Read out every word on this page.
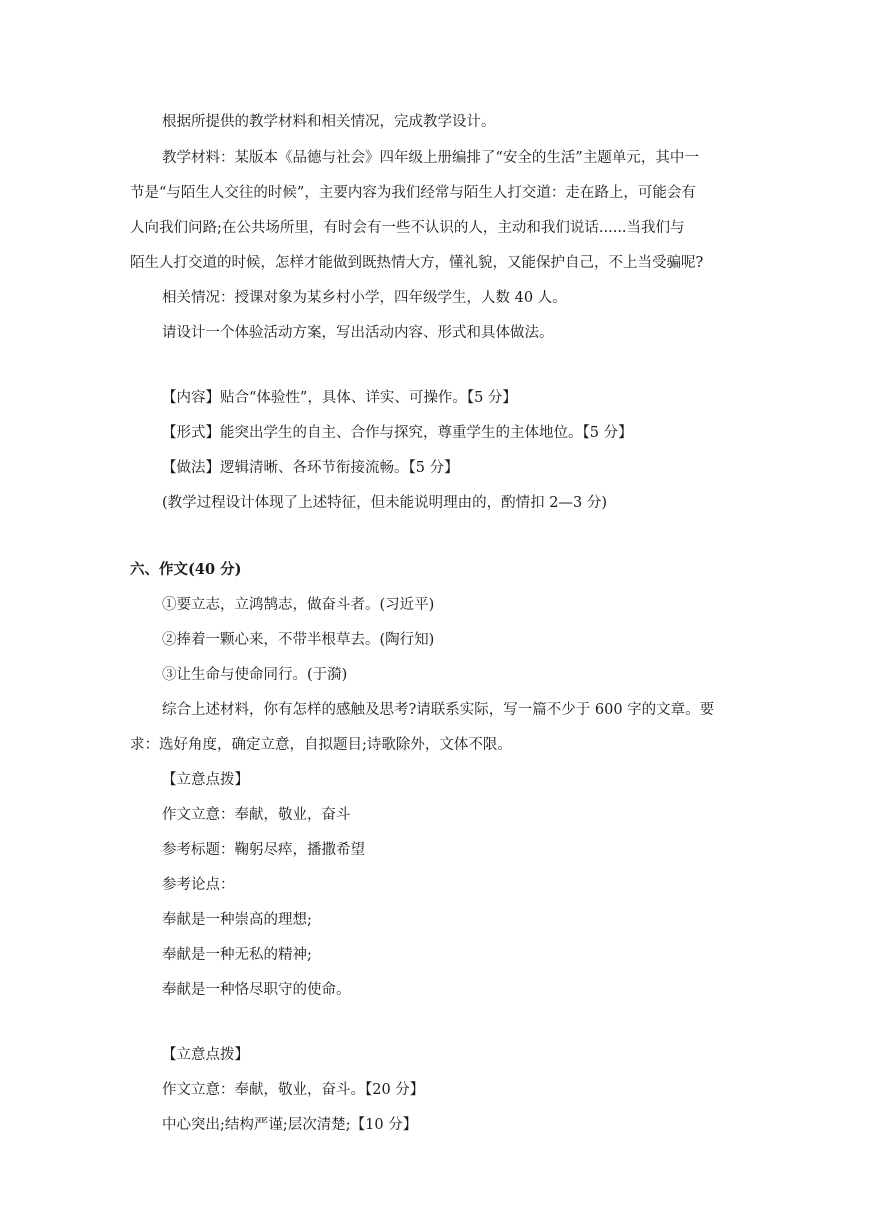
根据所提供的教学材料和相关情况，完成教学设计。
教学材料：某版本《品德与社会》四年级上册编排了“安全的生活”主题单元，其中一
节是“与陌生人交往的时候”，主要内容为我们经常与陌生人打交道：走在路上，可能会有
人向我们问路;在公共场所里，有时会有一些不认识的人，主动和我们说话......当我们与
陌生人打交道的时候，怎样才能做到既热情大方，懂礼貌，又能保护自己，不上当受骗呢?
相关情况：授课对象为某乡村小学，四年级学生，人数 40 人。
请设计一个体验活动方案，写出活动内容、形式和具体做法。
【内容】贴合“体验性”，具体、详实、可操作。【5 分】
【形式】能突出学生的自主、合作与探究，尊重学生的主体地位。【5 分】
【做法】逻辑清晰、各环节衔接流畅。【5 分】
(教学过程设计体现了上述特征，但未能说明理由的，酌情扣 2—3 分)
六、作文(40 分)
①要立志，立鸿鹄志，做奋斗者。(习近平)
②捧着一颗心来，不带半根草去。(陶行知)
③让生命与使命同行。(于漪)
综合上述材料，你有怎样的感触及思考?请联系实际，写一篇不少于 600 字的文章。要
求：选好角度，确定立意，自拟题目;诗歌除外，文体不限。
【立意点拨】
作文立意：奉献，敬业，奋斗
参考标题：鞠躬尽瘁，播撒希望
参考论点：
奉献是一种崇高的理想;
奉献是一种无私的精神;
奉献是一种恪尽职守的使命。
【立意点拨】
作文立意：奉献，敬业，奋斗。【20 分】
中心突出;结构严谨;层次清楚;【10 分】
